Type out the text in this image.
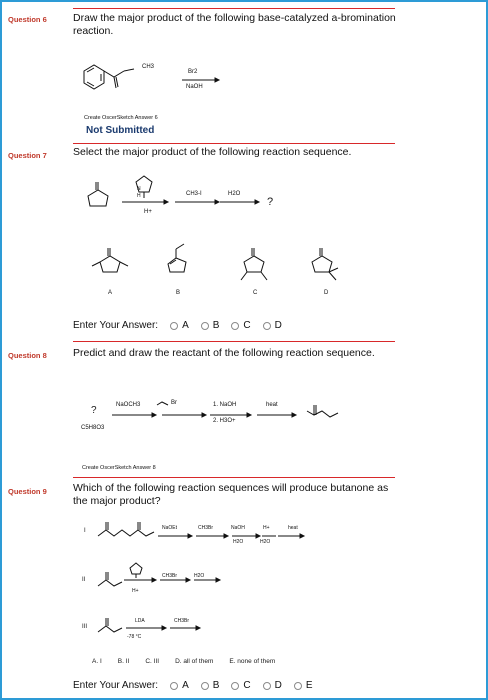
Question 6 Draw the major product of the following base-catalyzed a-bromination reaction.
CH3
Br2
NaOH
Create OscerSketch Answer 6
Not Submitted
Question 7 Select the major product of the following reaction sequence.
N
H
H+
CH3-I	H2O
?
A	B	C	D
Enter Your Answer: A B C D
Question 8 Predict and draw the reactant of the following reaction sequence.
?
C5H8O3
NaOCH3	Br	1. NaOH
2. H3O+
heat
Create OscerSketch Answer 8
Question 9 Which of the following reaction sequences will produce butanone as the major product?
I	NaOEt	CH3Br	NaOH
H2O
H+
H2O
heat
II
H+
CH3Br	H2O
III
LDA
-78 °C
CH3Br
A. I B. II C. III D. all of them E. none of them
Enter Your Answer: A B C D E
